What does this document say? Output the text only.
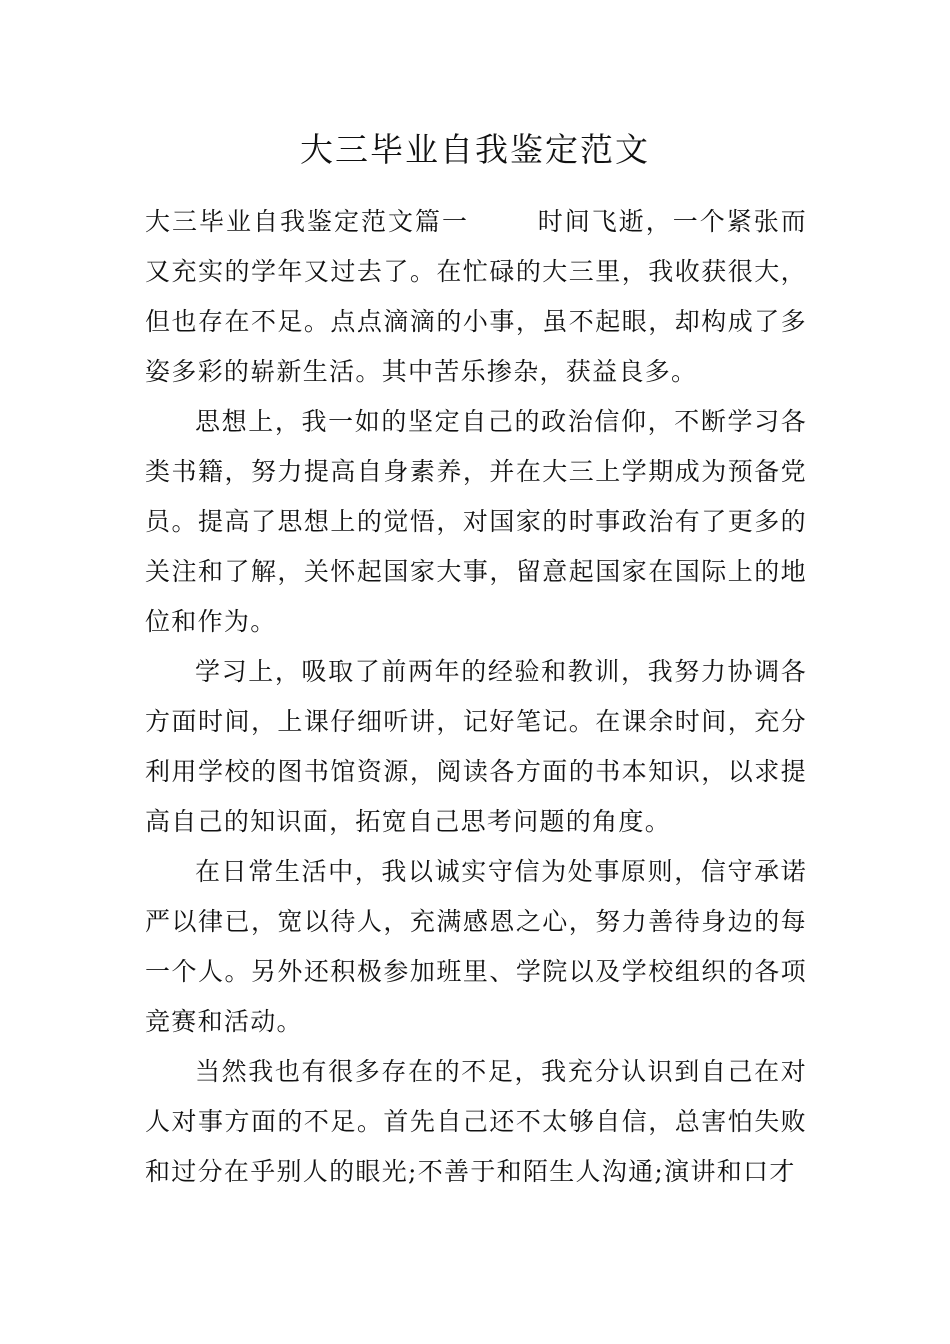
大三毕业自我鉴定范文

大三毕业自我鉴定范文篇一	时间飞逝，一个紧张而又充实的学年又过去了。在忙碌的大三里，我收获很大，但也存在不足。点点滴滴的小事，虽不起眼，却构成了多姿多彩的崭新生活。其中苦乐掺杂，获益良多。

思想上，我一如的坚定自己的政治信仰，不断学习各类书籍，努力提高自身素养，并在大三上学期成为预备党员。提高了思想上的觉悟，对国家的时事政治有了更多的关注和了解，关怀起国家大事，留意起国家在国际上的地位和作为。

学习上，吸取了前两年的经验和教训，我努力协调各方面时间，上课仔细听讲，记好笔记。在课余时间，充分利用学校的图书馆资源，阅读各方面的书本知识，以求提高自己的知识面，拓宽自己思考问题的角度。

在日常生活中，我以诚实守信为处事原则，信守承诺严以律已，宽以待人，充满感恩之心，努力善待身边的每一个人。另外还积极参加班里、学院以及学校组织的各项竞赛和活动。

当然我也有很多存在的不足，我充分认识到自己在对人对事方面的不足。首先自己还不太够自信，总害怕失败和过分在乎别人的眼光;不善于和陌生人沟通;演讲和口才
